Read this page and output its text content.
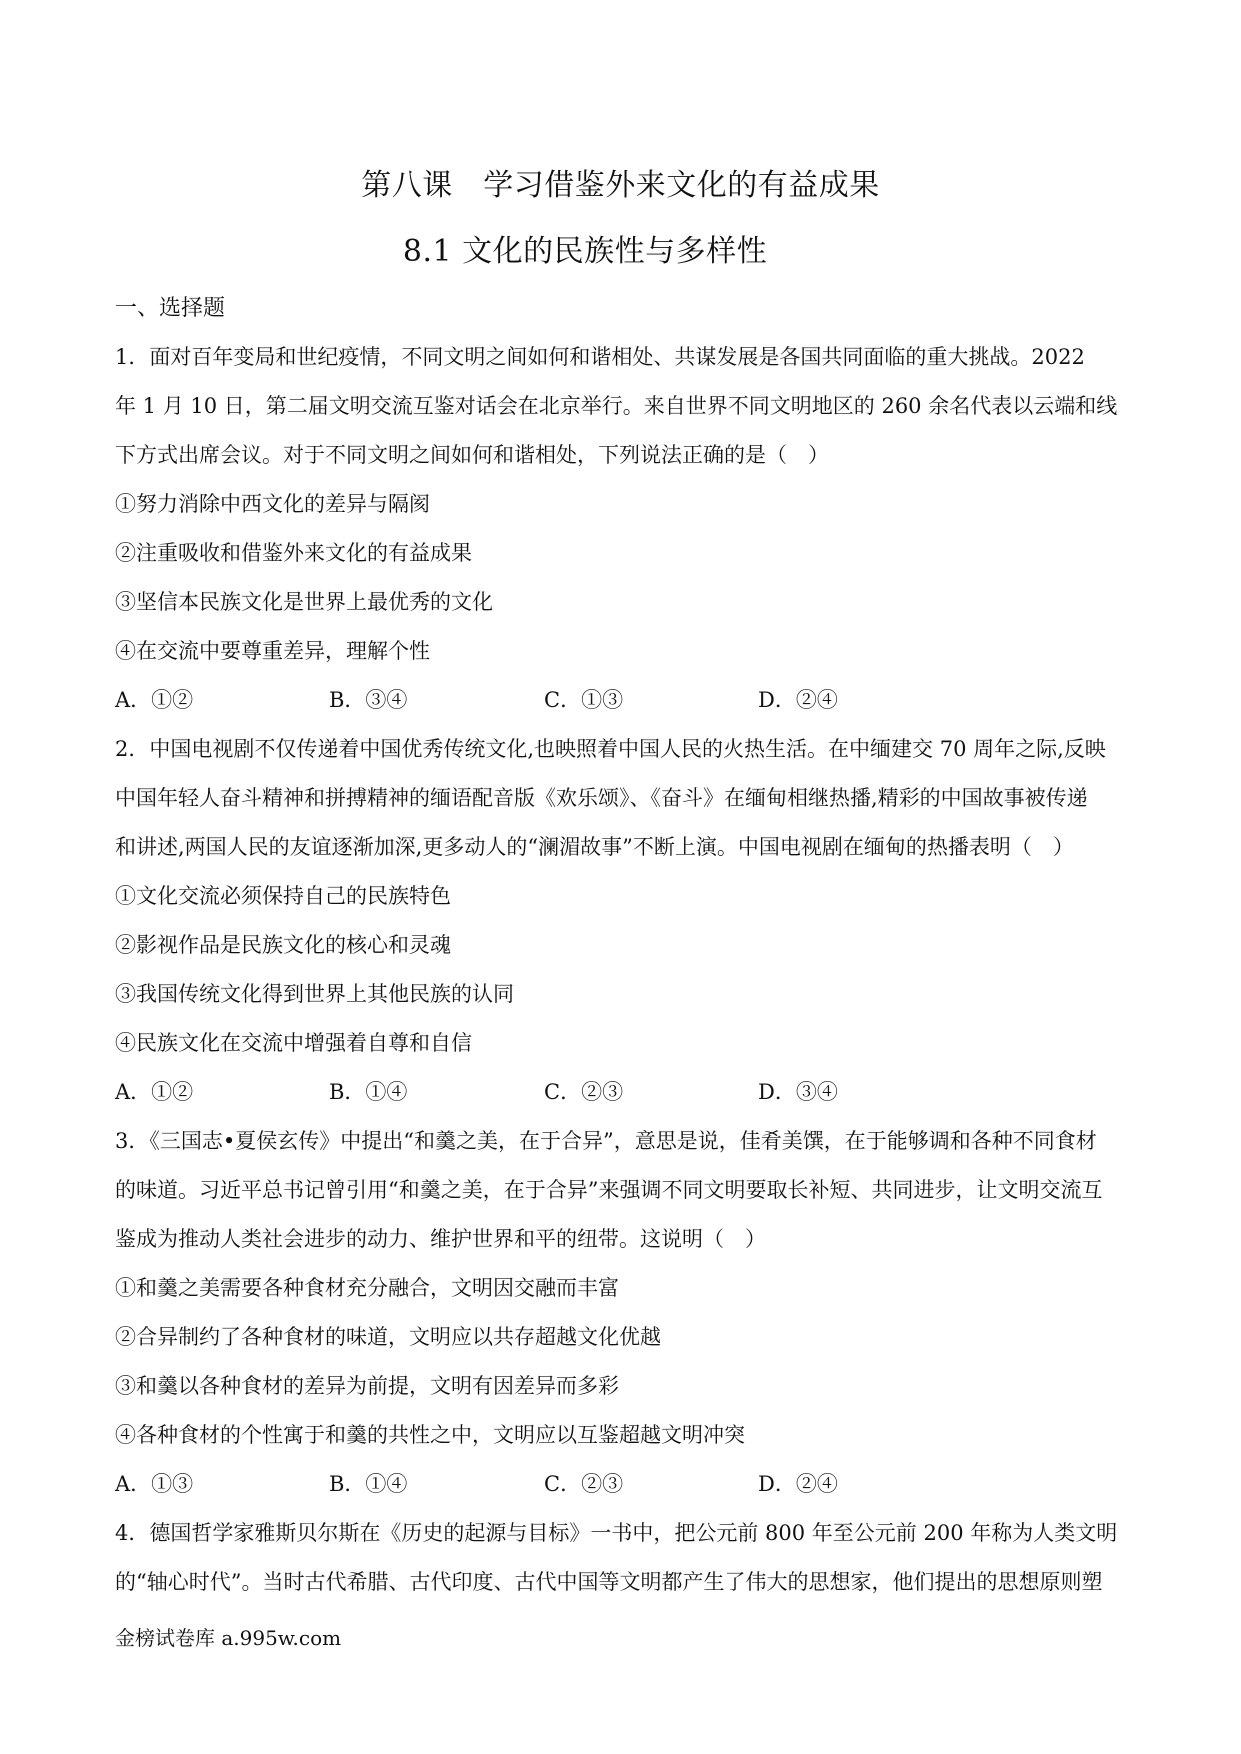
第八课　学习借鉴外来文化的有益成果
8.1 文化的民族性与多样性
一、选择题
1．面对百年变局和世纪疫情，不同文明之间如何和谐相处、共谋发展是各国共同面临的重大挑战。2022
年 1 月 10 日，第二届文明交流互鉴对话会在北京举行。来自世界不同文明地区的 260 余名代表以云端和线
下方式出席会议。对于不同文明之间如何和谐相处，下列说法正确的是（　）
①努力消除中西文化的差异与隔阂
②注重吸收和借鉴外来文化的有益成果
③坚信本民族文化是世界上最优秀的文化
④在交流中要尊重差异，理解个性
A．①②	B．③④	C．①③	D．②④
2．中国电视剧不仅传递着中国优秀传统文化,也映照着中国人民的火热生活。在中缅建交 70 周年之际,反映
中国年轻人奋斗精神和拼搏精神的缅语配音版《欢乐颂》、《奋斗》在缅甸相继热播,精彩的中国故事被传递
和讲述,两国人民的友谊逐渐加深,更多动人的“澜湄故事”不断上演。中国电视剧在缅甸的热播表明（　）
①文化交流必须保持自己的民族特色
②影视作品是民族文化的核心和灵魂
③我国传统文化得到世界上其他民族的认同
④民族文化在交流中增强着自尊和自信
A．①②	B．①④	C．②③	D．③④
3．《三国志•夏侯玄传》中提出“和羹之美，在于合异”，意思是说，佳肴美馔，在于能够调和各种不同食材
的味道。习近平总书记曾引用“和羹之美，在于合异”来强调不同文明要取长补短、共同进步，让文明交流互
鉴成为推动人类社会进步的动力、维护世界和平的纽带。这说明（　）
①和羹之美需要各种食材充分融合，文明因交融而丰富
②合异制约了各种食材的味道，文明应以共存超越文化优越
③和羹以各种食材的差异为前提，文明有因差异而多彩
④各种食材的个性寓于和羹的共性之中，文明应以互鉴超越文明冲突
A．①③	B．①④	C．②③	D．②④
4．德国哲学家雅斯贝尔斯在《历史的起源与目标》一书中，把公元前 800 年至公元前 200 年称为人类文明
的“轴心时代”。当时古代希腊、古代印度、古代中国等文明都产生了伟大的思想家，他们提出的思想原则塑
金榜试卷库 a.995w.com
